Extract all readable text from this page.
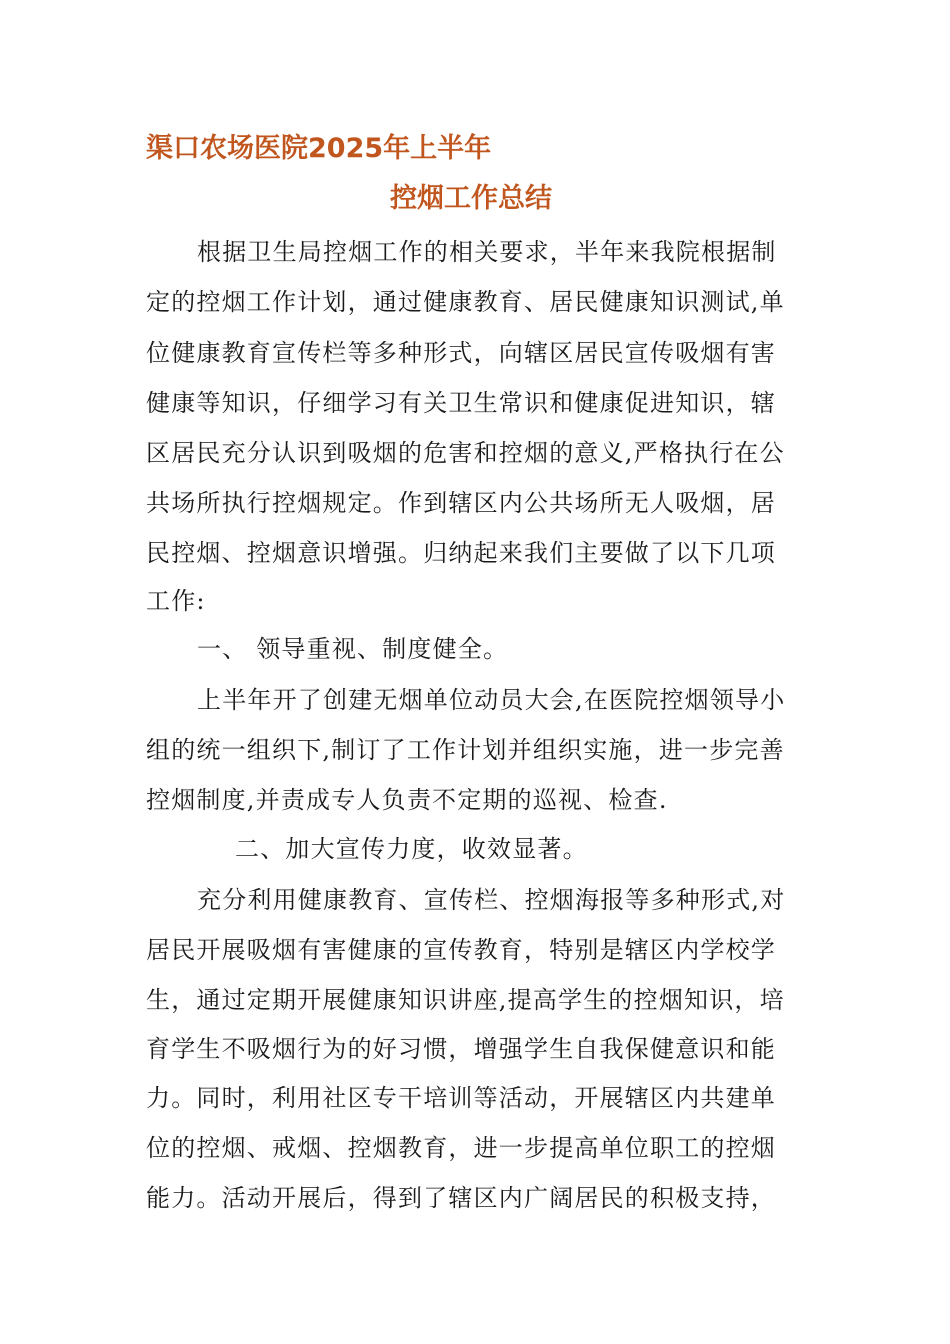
渠口农场医院2025年上半年
控烟工作总结
根据卫生局控烟工作的相关要求，半年来我院根据制
定的控烟工作计划，通过健康教育、居民健康知识测试,单
位健康教育宣传栏等多种形式，向辖区居民宣传吸烟有害
健康等知识，仔细学习有关卫生常识和健康促进知识，辖
区居民充分认识到吸烟的危害和控烟的意义,严格执行在公
共场所执行控烟规定。作到辖区内公共场所无人吸烟，居
民控烟、控烟意识增强。归纳起来我们主要做了以下几项
工作:
一、 领导重视、制度健全。
上半年开了创建无烟单位动员大会,在医院控烟领导小
组的统一组织下,制订了工作计划并组织实施，进一步完善
控烟制度,并责成专人负责不定期的巡视、检查.
二、加大宣传力度，收效显著。
充分利用健康教育、宣传栏、控烟海报等多种形式,对
居民开展吸烟有害健康的宣传教育，特别是辖区内学校学
生，通过定期开展健康知识讲座,提高学生的控烟知识，培
育学生不吸烟行为的好习惯，增强学生自我保健意识和能
力。同时，利用社区专干培训等活动，开展辖区内共建单
位的控烟、戒烟、控烟教育，进一步提高单位职工的控烟
能力。活动开展后，得到了辖区内广阔居民的积极支持，
